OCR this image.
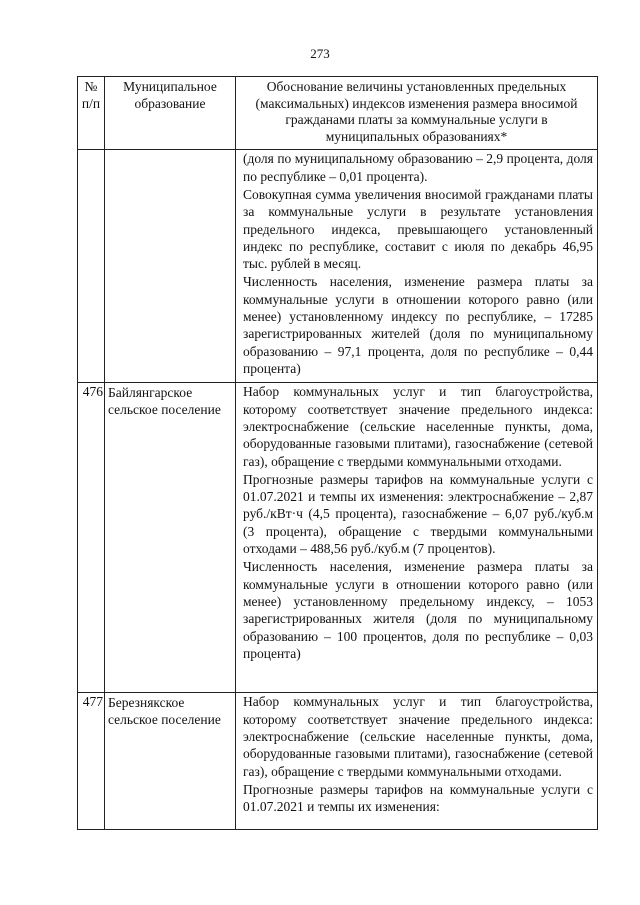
273
№ п/п	Муниципальное образование	Обоснование величины установленных предельных (максимальных) индексов изменения размера вносимой гражданами платы за коммунальные услуги в муниципальных образованиях*

		(доля по муниципальному образованию – 2,9 процента, доля по республике – 0,01 процента).

Совокупная сумма увеличения вносимой гражданами платы за коммунальные услуги в результате установления предельного индекса, превышающего установленный индекс по республике, составит с июля по декабрь 46,95 тыс. рублей в месяц.

Численность населения, изменение размера платы за коммунальные услуги в отношении которого равно (или менее) установленному индексу по республике, – 17285 зарегистрированных жителей (доля по муниципальному образованию – 97,1 процента, доля по республике – 0,44 процента)

476	Байлянгарское сельское поселение	Набор коммунальных услуг и тип благоустройства, которому соответствует значение предельного индекса: электроснабжение (сельские населенные пункты, дома, оборудованные газовыми плитами), газоснабжение (сетевой газ), обращение с твердыми коммунальными отходами.

Прогнозные размеры тарифов на коммунальные услуги с 01.07.2021 и темпы их изменения: электроснабжение – 2,87 руб./кВт·ч (4,5 процента), газоснабжение – 6,07 руб./куб.м (3 процента), обращение с твердыми коммунальными отходами – 488,56 руб./куб.м (7 процентов).

Численность населения, изменение размера платы за коммунальные услуги в отношении которого равно (или менее) установленному предельному индексу, – 1053 зарегистрированных жителя (доля по муниципальному образованию – 100 процентов, доля по республике – 0,03 процента)

477	Березнякское сельское поселение	Набор коммунальных услуг и тип благоустройства, которому соответствует значение предельного индекса: электроснабжение (сельские населенные пункты, дома, оборудованные газовыми плитами), газоснабжение (сетевой газ), обращение с твердыми коммунальными отходами.

Прогнозные размеры тарифов на коммунальные услуги с 01.07.2021 и темпы их изменения:
